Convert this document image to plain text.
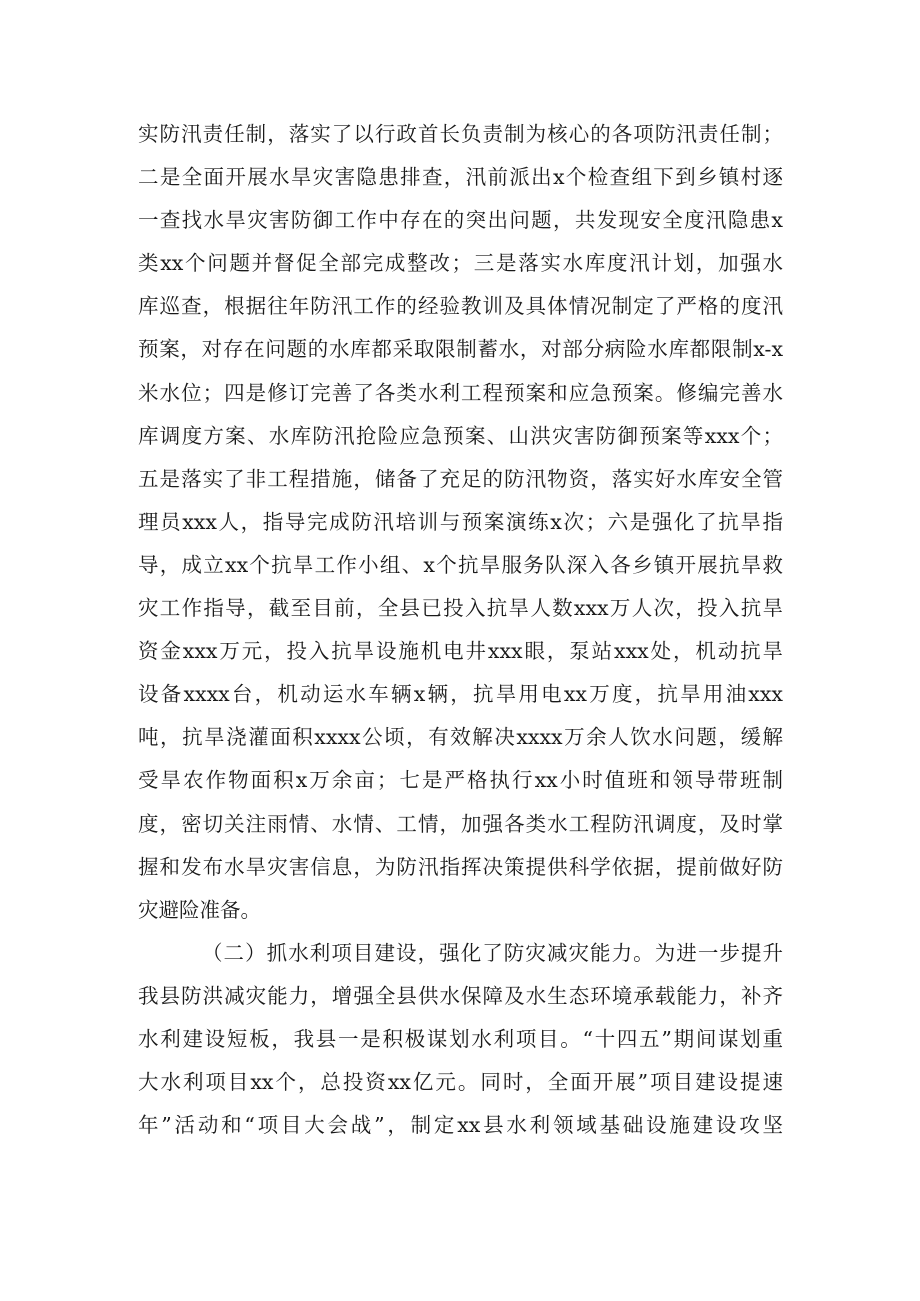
实防汛责任制，落实了以行政首长负责制为核心的各项防汛责任制；
二是全面开展水旱灾害隐患排查，汛前派出x个检查组下到乡镇村逐
一查找水旱灾害防御工作中存在的突出问题，共发现安全度汛隐患x
类xx个问题并督促全部完成整改；三是落实水库度汛计划，加强水
库巡查，根据往年防汛工作的经验教训及具体情况制定了严格的度汛
预案，对存在问题的水库都采取限制蓄水，对部分病险水库都限制x-x
米水位；四是修订完善了各类水利工程预案和应急预案。修编完善水
库调度方案、水库防汛抢险应急预案、山洪灾害防御预案等xxx个；
五是落实了非工程措施，储备了充足的防汛物资，落实好水库安全管
理员xxx人，指导完成防汛培训与预案演练x次；六是强化了抗旱指
导，成立xx个抗旱工作小组、x个抗旱服务队深入各乡镇开展抗旱救
灾工作指导，截至目前，全县已投入抗旱人数xxx万人次，投入抗旱
资金xxx万元，投入抗旱设施机电井xxx眼，泵站xxx处，机动抗旱
设备xxxx台，机动运水车辆x辆，抗旱用电xx万度，抗旱用油xxx
吨，抗旱浇灌面积xxxx公顷，有效解决xxxx万余人饮水问题，缓解
受旱农作物面积x万余亩；七是严格执行xx小时值班和领导带班制
度，密切关注雨情、水情、工情，加强各类水工程防汛调度，及时掌
握和发布水旱灾害信息，为防汛指挥决策提供科学依据，提前做好防
灾避险准备。
（二）抓水利项目建设，强化了防灾减灾能力。为进一步提升
我县防洪减灾能力，增强全县供水保障及水生态环境承载能力，补齐
水利建设短板，我县一是积极谋划水利项目。“十四五”期间谋划重
大水利项目xx个，总投资xx亿元。同时，全面开展”项目建设提速
年”活动和“项目大会战”，制定xx县水利领域基础设施建设攻坚
